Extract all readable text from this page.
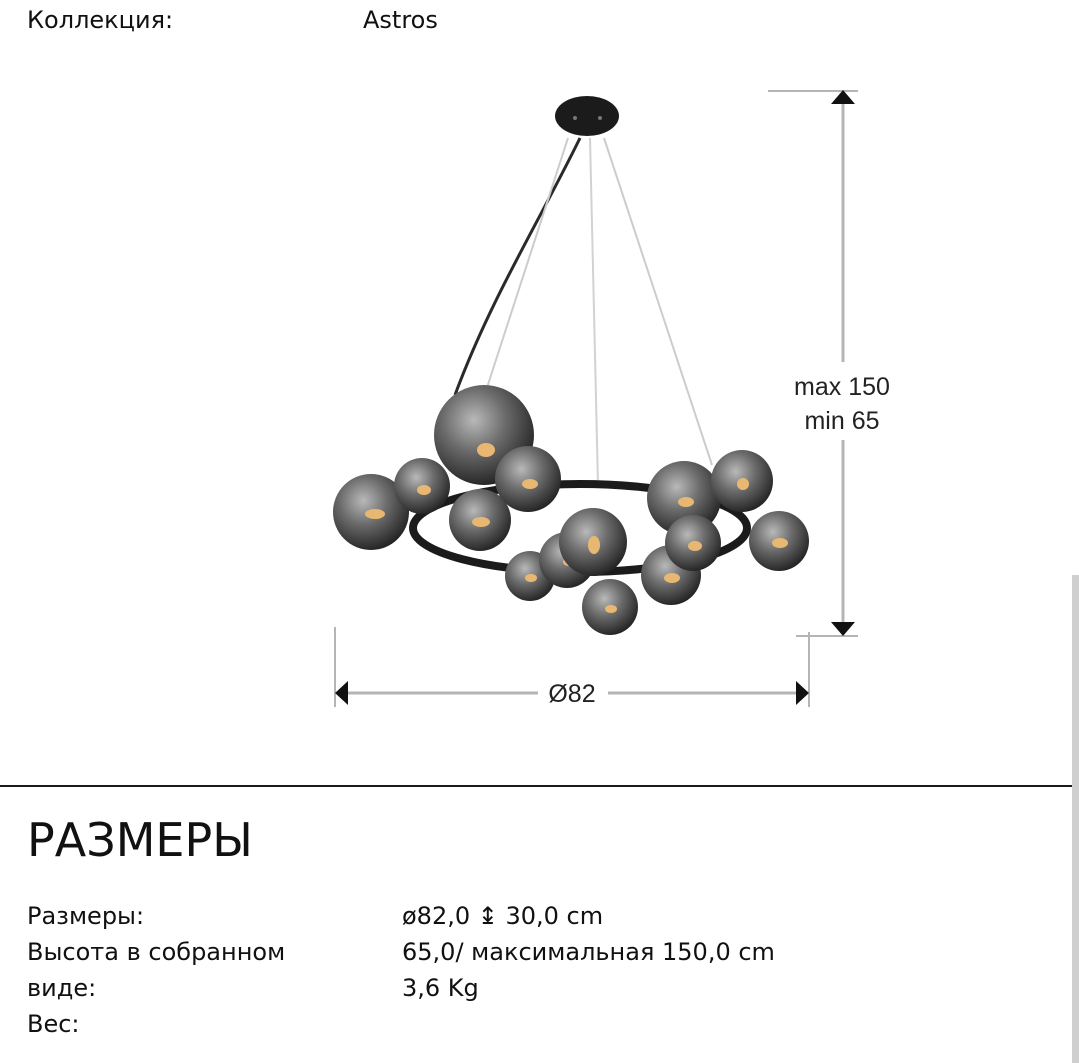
Коллекция:	Astros
max 150
min 65
Ø82
РАЗМЕРЫ
Размеры:
Высота в собранном
виде:
Вес:
ø82,0 ↨ 30,0 cm
65,0/ максимальная 150,0 cm
3,6 Kg
